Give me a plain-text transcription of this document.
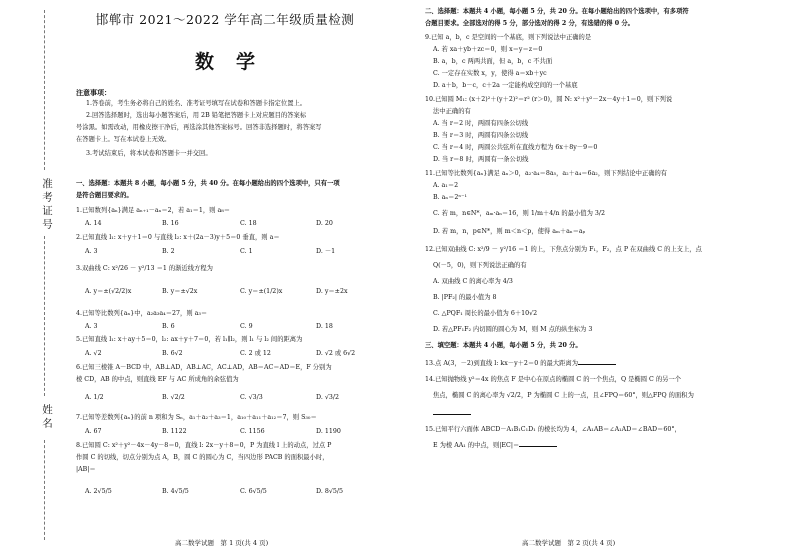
准考证号
姓名
邯郸市 2021～2022 学年高二年级质量检测
数学
注意事项：
1.答卷前，考生务必将自己的姓名、准考证号填写在试卷和答题卡指定位置上。
2.回答选择题时，选出每小题答案后，用 2B 铅笔把答题卡上对应题目的答案标
号涂黑。如需改动，用橡皮擦干净后，再选涂其他答案标号。回答非选择题时，将答案写
在答题卡上。写在本试卷上无效。
3.考试结束后，将本试卷和答题卡一并交回。
一、选择题：本题共 8 小题，每小题 5 分，共 40 分。在每小题给出的四个选项中，只有一项
是符合题目要求的。
1.已知数列{aₙ}满足 aₙ₊₁－aₙ＝2，若 a₁＝1，则 a₈＝
A. 14	B. 16	C. 18	D. 20
2.已知直线 l₁: x＋y＋1＝0 与直线 l₂: x＋(2a－3)y＋5＝0 垂直，则 a＝
A. 3	B. 2	C. 1	D. －1
3.双曲线 C: x²/26 － y²/13 ＝1 的渐近线方程为
A. y＝±(√2/2)x	B. y＝±√2x	C. y＝±(1/2)x	D. y＝±2x
4.已知等比数列{aₙ}中，a₂a₃a₄＝27，则 a₃＝
A. 3	B. 6	C. 9	D. 18
5.已知直线 l₁: x＋ay＋5＝0，l₂: ax＋y＋7＝0，若 l₁∥l₂，则 l₁ 与 l₂ 间的距离为
A. √2	B. 6√2	C. 2 或 12	D. √2 或 6√2
6.已知三棱锥 A－BCD 中，AB⊥AD，AB⊥AC，AC⊥AD，AB＝AC＝AD＝E，F 分别为
棱 CD，AB 的中点，则直线 EF 与 AC 所成角的余弦值为
A. 1/2	B. √2/2	C. √3/3	D. √3/2
7.已知等差数列{aₙ}的前 n 项和为 Sₙ，a₁＋a₂＋a₃＝1，a₁₀＋a₁₁＋a₁₂＝7，则 S₃₀＝
A. 67	B. 1122	C. 1156	D. 1190
8.已知圆 C: x²＋y²－4x－4y－8＝0，直线 l: 2x－y＋8＝0，P 为直线 l 上的动点，过点 P
作圆 C 的切线，切点分别为点 A，B，圆 C 的圆心为 C，当四边形 PACB 的面积最小时，
|AB|＝
A. 2√5/5	B. 4√5/5	C. 6√5/5	D. 8√5/5
高二数学试题　第 1 页(共 4 页)
二、选择题：本题共 4 小题，每小题 5 分，共 20 分。在每小题给出的四个选项中，有多项符
合题目要求。全部选对的得 5 分，部分选对的得 2 分，有选错的得 0 分。
9.已知 a，b，c 是空间的一个基底，则下列说法中正确的是
A. 若 xa＋yb＋zc＝0，则 x＝y＝z＝0
B. a，b，c 两两共面，但 a，b，c 不共面
C. 一定存在实数 x，y，使得 a＝xb＋yc
D. a＋b，b－c，c＋2a 一定能构成空间的一个基底
10.已知圆 M₁: (x＋2)²＋(y＋2)²＝r² (r＞0)，圆 N: x²＋y²－2x－4y＋1＝0，则下列说
法中正确的有
A. 当 r＝2 时，两圆有四条公切线
B. 当 r＝3 时，两圆有四条公切线
C. 当 r＝4 时，两圆公共弦所在直线方程为 6x＋8y－9＝0
D. 当 r＝8 时，两圆有一条公切线
11.已知等比数列{aₙ}满足 aₙ＞0，a₂·a₄＝8a₅，a₂＋a₄＝6a₂，则下列结论中正确的有
A. a₁＝2
B. aₙ＝2ⁿ⁻¹
C. 若 m，n∈N*，aₘ·aₙ＝16，则 1/m＋4/n 的最小值为 3/2
D. 若 m，n，p∈N*，则 m＜n＜p，使得 aₘ＋aₙ＝aₚ
12.已知双曲线 C: x²/9 － y²/16 ＝1 的上，下焦点分别为 F₁，F₂，点 P 在双曲线 C 的上支上，点
Q(－5，0)，则下列说法正确的有
A. 双曲线 C 的离心率为 4/3
B. |PF₂| 的最小值为 8
C. △PQF₁ 周长的最小值为 6＋10√2
D. 若△PF₁F₂ 内切圆的圆心为 M，则 M 点的纵坐标为 3
三、填空题：本题共 4 小题，每小题 5 分，共 20 分。
13.点 A(3，－2)到直线 l: kx－y＋2＝0 的最大距离为
14.已知抛物线 y²＝4x 的焦点 F 是中心在原点的椭圆 C 的一个焦点，Q 是椭圆 C 的另一个
焦点，椭圆 C 的离心率为 √2/2，P 为椭圆 C 上的一点，且∠FPQ＝60°，则△FPQ 的面积为
15.已知平行六面体 ABCD－A₁B₁C₁D₁ 的棱长均为 4，∠A₁AB＝∠A₁AD＝∠BAD＝60°，
E 为棱 AA₁ 的中点，则|EC|＝
高二数学试题　第 2 页(共 4 页)
